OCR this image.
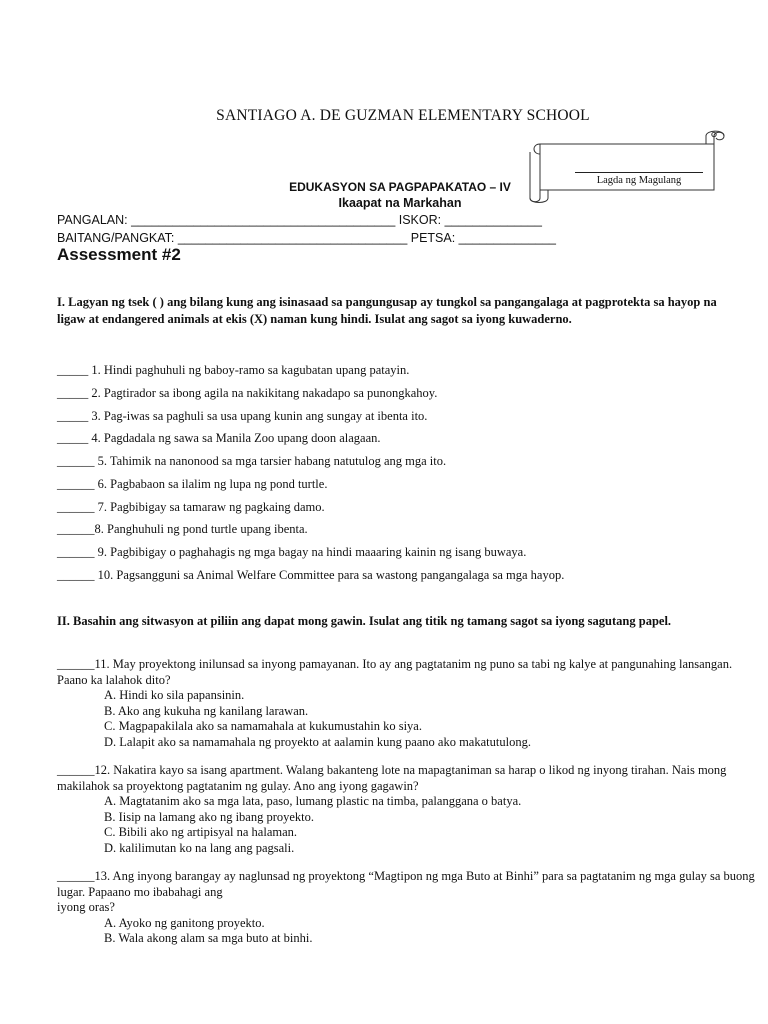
SANTIAGO A. DE GUZMAN ELEMENTARY SCHOOL
Lagda ng Magulang
EDUKASYON SA PAGPAPAKATAO – IV
Ikaapat na Markahan
PANGALAN: ______________________________________ ISKOR: ______________
BAITANG/PANGKAT: _________________________________ PETSA: ______________
Assessment #2
I. Lagyan ng tsek ( ) ang bilang kung ang isinasaad sa pangungusap ay tungkol sa pangangalaga at pagprotekta sa hayop na ligaw at endangered animals at ekis (X) naman kung hindi. Isulat ang sagot sa iyong kuwaderno.
_____ 1. Hindi paghuhuli ng baboy-ramo sa kagubatan upang patayin.
_____ 2. Pagtirador sa ibong agila na nakikitang nakadapo sa punongkahoy.
_____ 3. Pag-iwas sa paghuli sa usa upang kunin ang sungay at ibenta ito.
_____ 4. Pagdadala ng sawa sa Manila Zoo upang doon alagaan.
______ 5. Tahimik na nanonood sa mga tarsier habang natutulog ang mga ito.
______ 6. Pagbabaon sa ilalim ng lupa ng pond turtle.
______ 7. Pagbibigay sa tamaraw ng pagkaing damo.
______8. Panghuhuli ng pond turtle upang ibenta.
______ 9. Pagbibigay o paghahagis ng mga bagay na hindi maaaring kainin ng isang buwaya.
______ 10. Pagsangguni sa Animal Welfare Committee para sa wastong pangangalaga sa mga hayop.
II. Basahin ang sitwasyon at piliin ang dapat mong gawin. Isulat ang titik ng tamang sagot sa iyong sagutang papel.
______11. May proyektong inilunsad sa inyong pamayanan. Ito ay ang pagtatanim ng puno sa tabi ng kalye at pangunahing lansangan. Paano ka lalahok dito?
A. Hindi ko sila papansinin.
B. Ako ang kukuha ng kanilang larawan.
C. Magpapakilala ako sa namamahala at kukumustahin ko siya.
D. Lalapit ako sa namamahala ng proyekto at aalamin kung paano ako makatutulong.
______12. Nakatira kayo sa isang apartment. Walang bakanteng lote na mapagtaniman sa harap o likod ng inyong tirahan. Nais mong makilahok sa proyektong pagtatanim ng gulay. Ano ang iyong gagawin?
A. Magtatanim ako sa mga lata, paso, lumang plastic na timba, palanggana o batya.
B. Iisip na lamang ako ng ibang proyekto.
C. Bibili ako ng artipisyal na halaman.
D. kalilimutan ko na lang ang pagsali.
______13. Ang inyong barangay ay naglunsad ng proyektong “Magtipon ng mga Buto at Binhi” para sa pagtatanim ng mga gulay sa buong lugar. Papaano mo ibabahagi ang
iyong oras?
A. Ayoko ng ganitong proyekto.
B. Wala akong alam sa mga buto at binhi.
